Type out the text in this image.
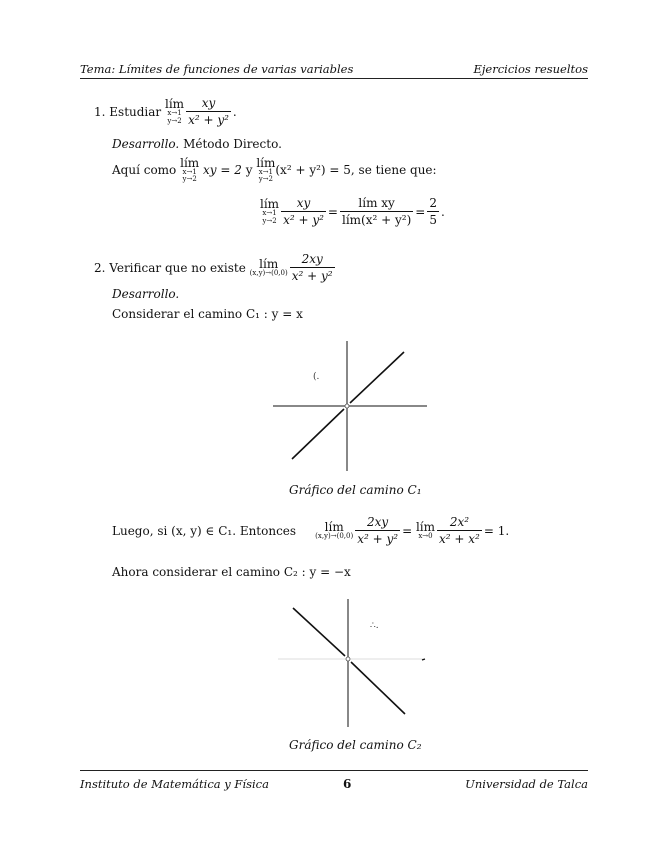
Tema: Límites de funciones de varias variables	Ejercicios resueltos
1.
Estudiar

lím
x→1
$y\to 2 \frac{xy}{\text{x² + y²}}$ .
Desarrollo. Método Directo.
Aquí como

lím
x→1
y→2

xy = 2
y

lím
x→1
y→2
(x² + y²) = 5, se tiene que:
lím
x→1
$y\to 2 \frac{xy}{\text{x² + y²}} = \frac{\text{lím xy}}{\text{lím(x² + y²)}} = \frac{2}{5}$ .
2.
Verificar que no existe
	lím
$(x,y)\to(0,0) \frac{2xy}{\text{x² + y²}}$
Desarrollo.
Considerar el camino C₁ : y = x
(.
Gráfico del camino C₁
Luego, si (x, y) ∈ C₁. Entonces
	lím
$(x,y)\to(0,0) \frac{2xy}{\text{x² + y²}}$ =
lím
$x\to 0 \frac{\text{2x²}}{\text{x² + x²}} = 1$.
Ahora considerar el camino C₂ : y = −x
∴.
Gráfico del camino C₂
Instituto de Matemática y Física	6	Universidad de Talca
